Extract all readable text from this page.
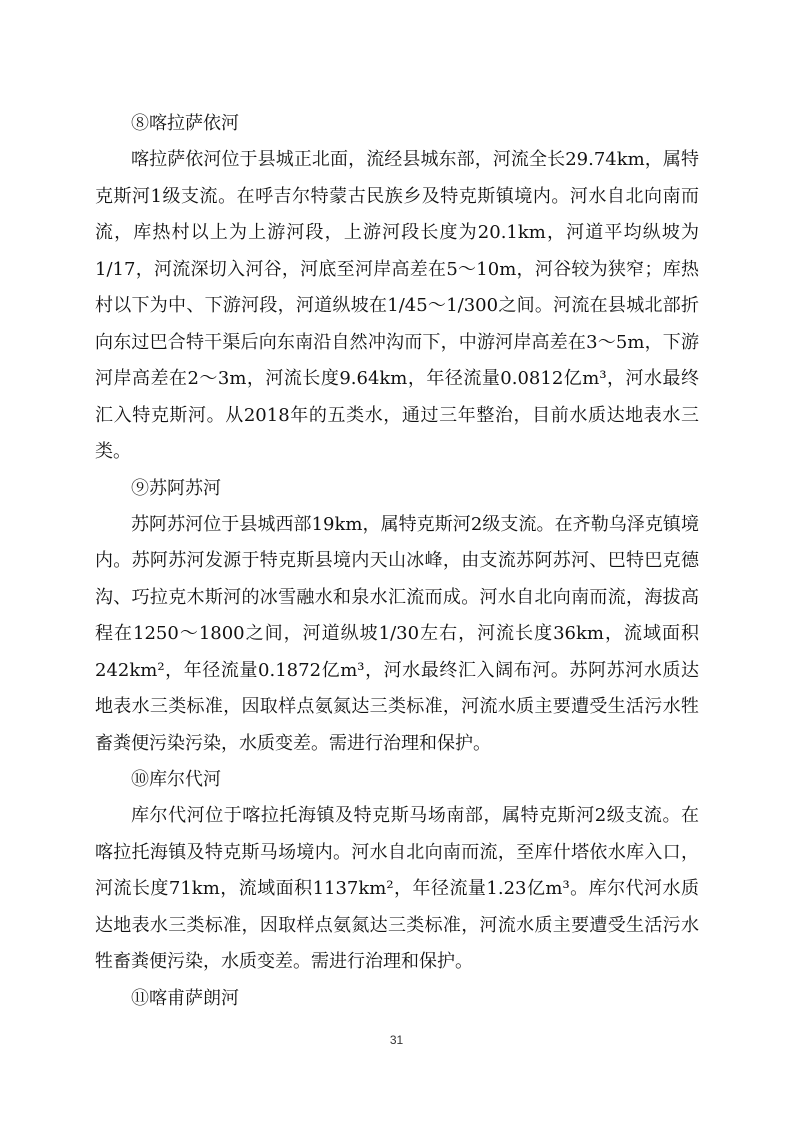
⑧喀拉萨依河

喀拉萨依河位于县城正北面，流经县城东部，河流全长29.74km，属特克斯河1级支流。在呼吉尔特蒙古民族乡及特克斯镇境内。河水自北向南而流，库热村以上为上游河段，上游河段长度为20.1km，河道平均纵坡为1/17，河流深切入河谷，河底至河岸高差在5～10m，河谷较为狭窄；库热村以下为中、下游河段，河道纵坡在1/45～1/300之间。河流在县城北部折向东过巴合特干渠后向东南沿自然冲沟而下，中游河岸高差在3～5m，下游河岸高差在2～3m，河流长度9.64km，年径流量0.0812亿m³，河水最终汇入特克斯河。从2018年的五类水，通过三年整治，目前水质达地表水三类。

⑨苏阿苏河

苏阿苏河位于县城西部19km，属特克斯河2级支流。在齐勒乌泽克镇境内。苏阿苏河发源于特克斯县境内天山冰峰，由支流苏阿苏河、巴特巴克德沟、巧拉克木斯河的冰雪融水和泉水汇流而成。河水自北向南而流，海拔高程在1250～1800之间，河道纵坡1/30左右，河流长度36km，流域面积242km²，年径流量0.1872亿m³，河水最终汇入阔布河。苏阿苏河水质达地表水三类标准，因取样点氨氮达三类标准，河流水质主要遭受生活污水牲畜粪便污染污染，水质变差。需进行治理和保护。

⑩库尔代河

库尔代河位于喀拉托海镇及特克斯马场南部，属特克斯河2级支流。在喀拉托海镇及特克斯马场境内。河水自北向南而流，至库什塔依水库入口，河流长度71km，流域面积1137km²，年径流量1.23亿m³。库尔代河水质达地表水三类标准，因取样点氨氮达三类标准，河流水质主要遭受生活污水牲畜粪便污染，水质变差。需进行治理和保护。

⑪喀甫萨朗河

31
